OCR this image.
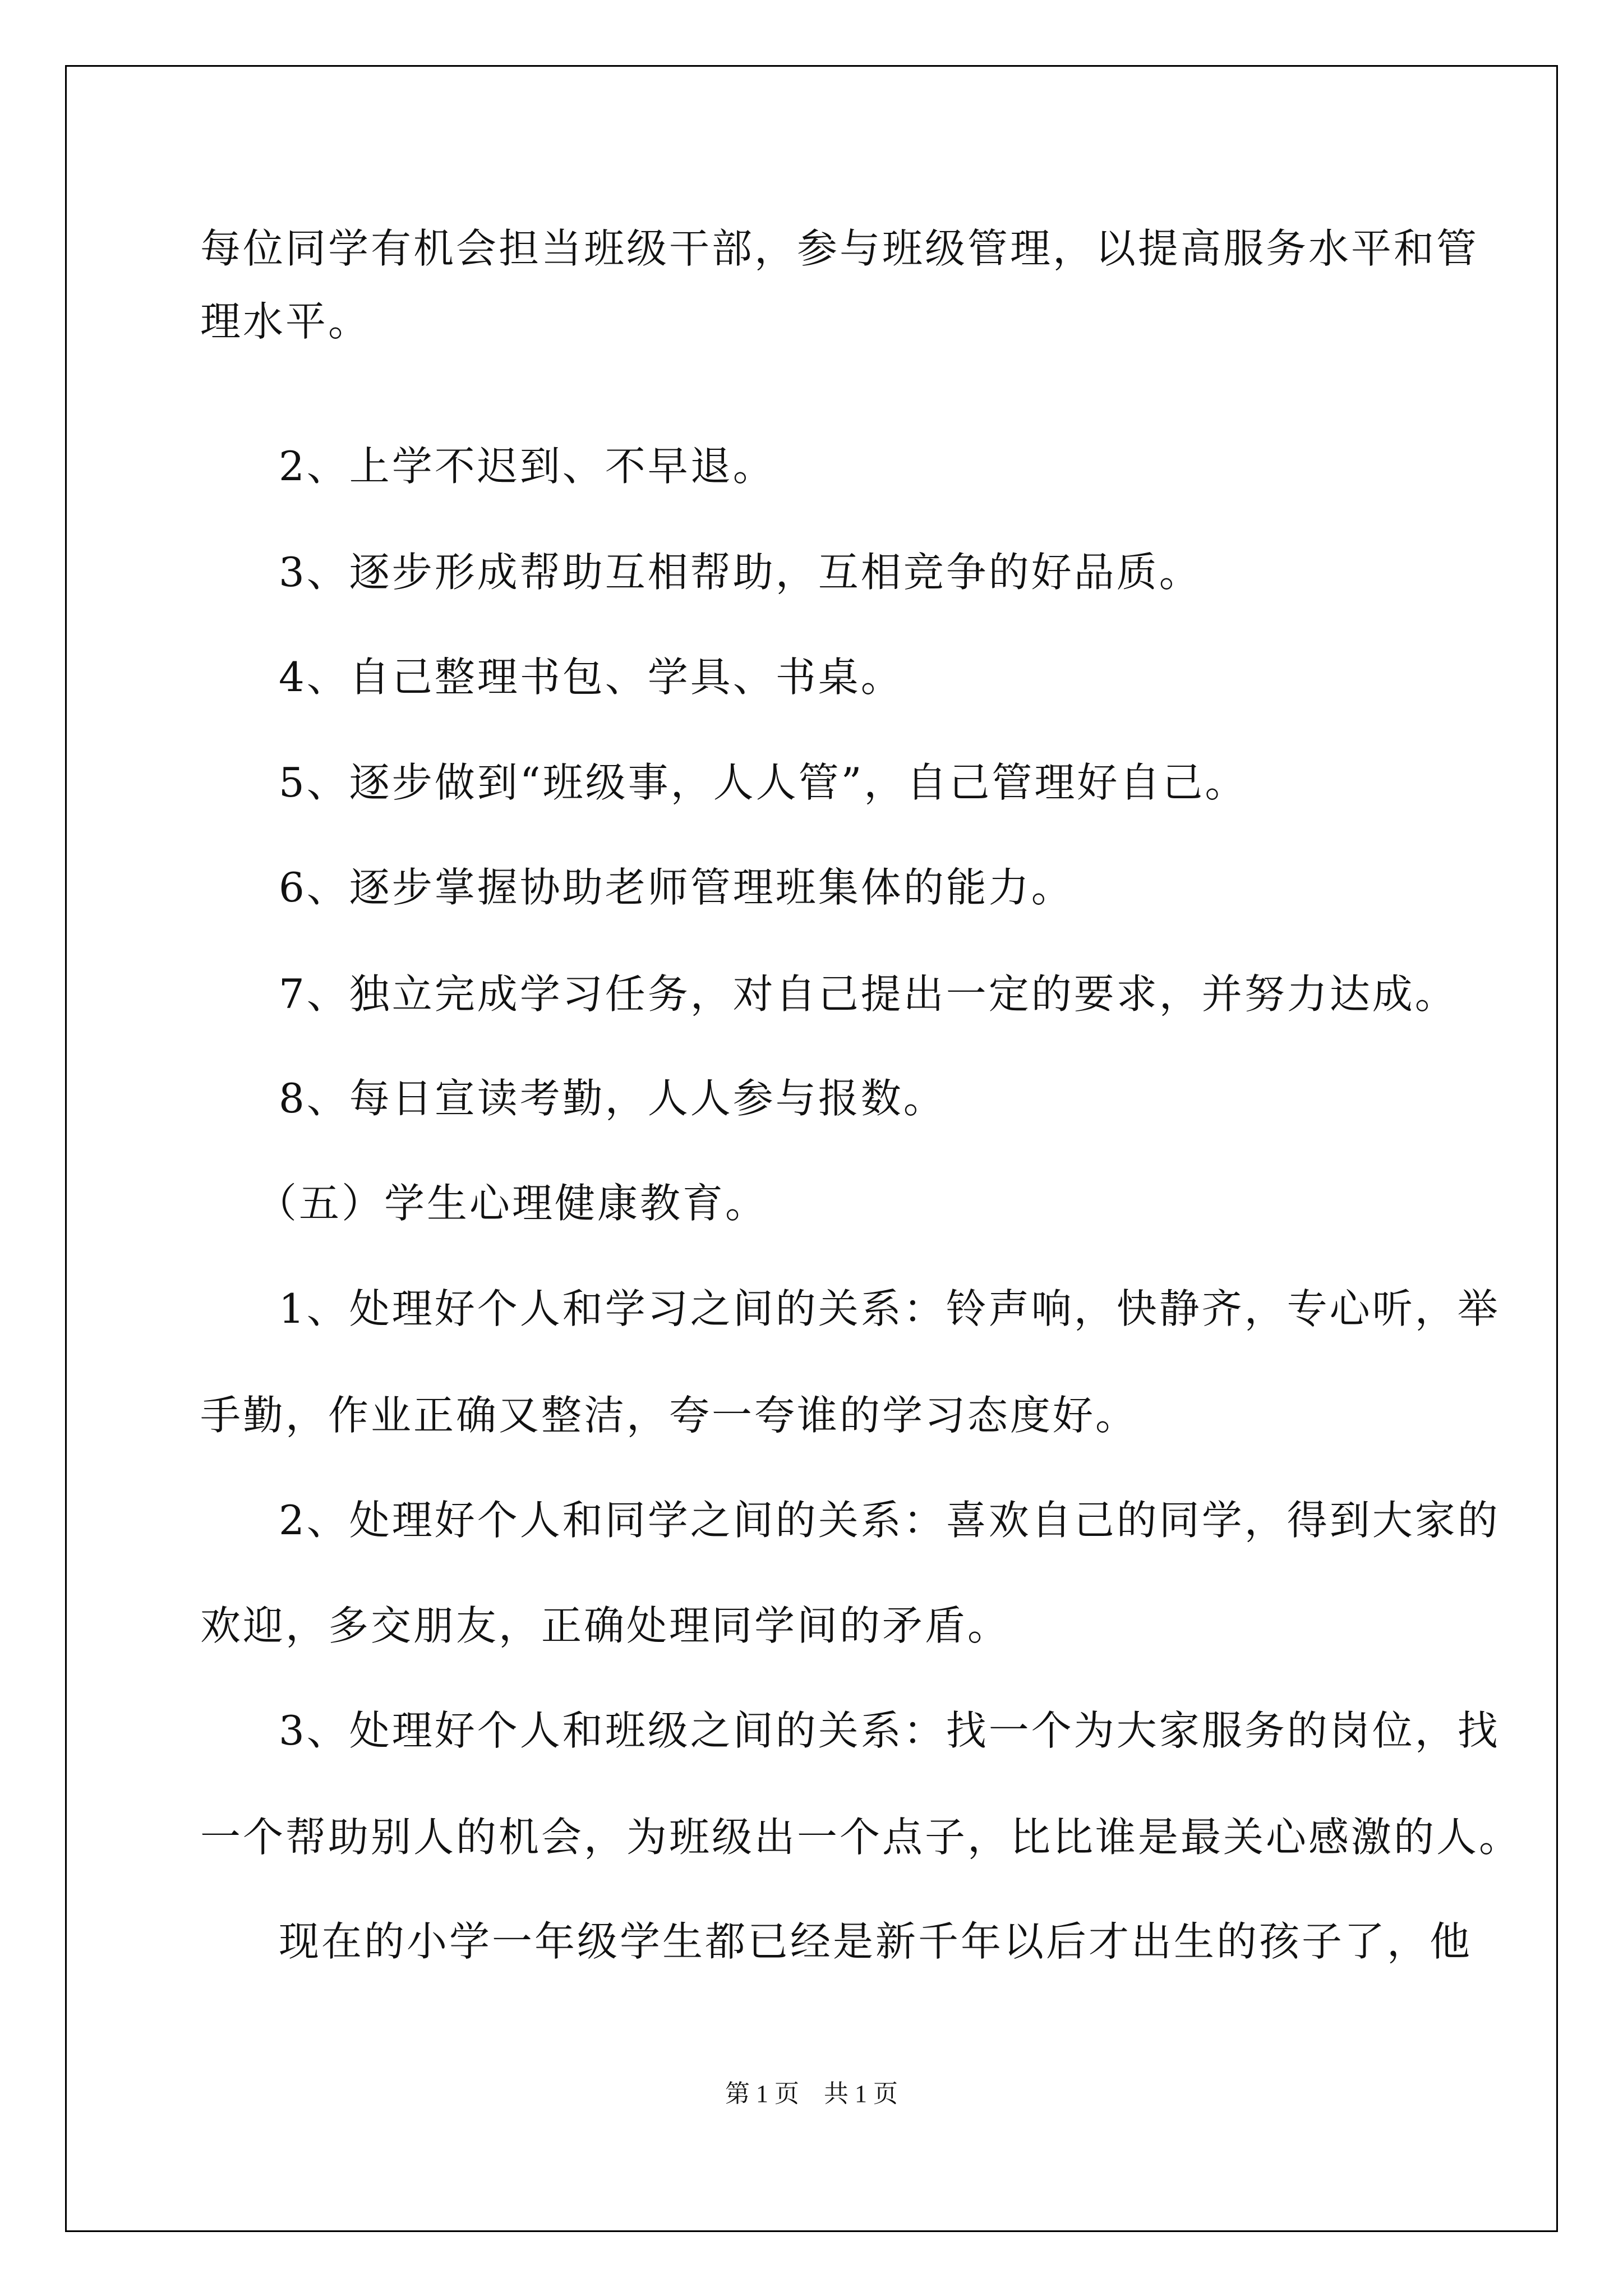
每位同学有机会担当班级干部，参与班级管理，以提高服务水平和管

理水平。

2、上学不迟到、不早退。

3、逐步形成帮助互相帮助，互相竞争的好品质。

4、自己整理书包、学具、书桌。

5、逐步做到“班级事，人人管”，自己管理好自己。

6、逐步掌握协助老师管理班集体的能力。

7、独立完成学习任务，对自己提出一定的要求，并努力达成。

8、每日宣读考勤，人人参与报数。

（五）学生心理健康教育。

1、处理好个人和学习之间的关系：铃声响，快静齐，专心听，举

手勤，作业正确又整洁，夸一夸谁的学习态度好。

2、处理好个人和同学之间的关系：喜欢自己的同学，得到大家的

欢迎，多交朋友，正确处理同学间的矛盾。

3、处理好个人和班级之间的关系：找一个为大家服务的岗位，找

一个帮助别人的机会，为班级出一个点子，比比谁是最关心感激的人。

现在的小学一年级学生都已经是新千年以后才出生的孩子了，他

第 1 页    共 1 页
